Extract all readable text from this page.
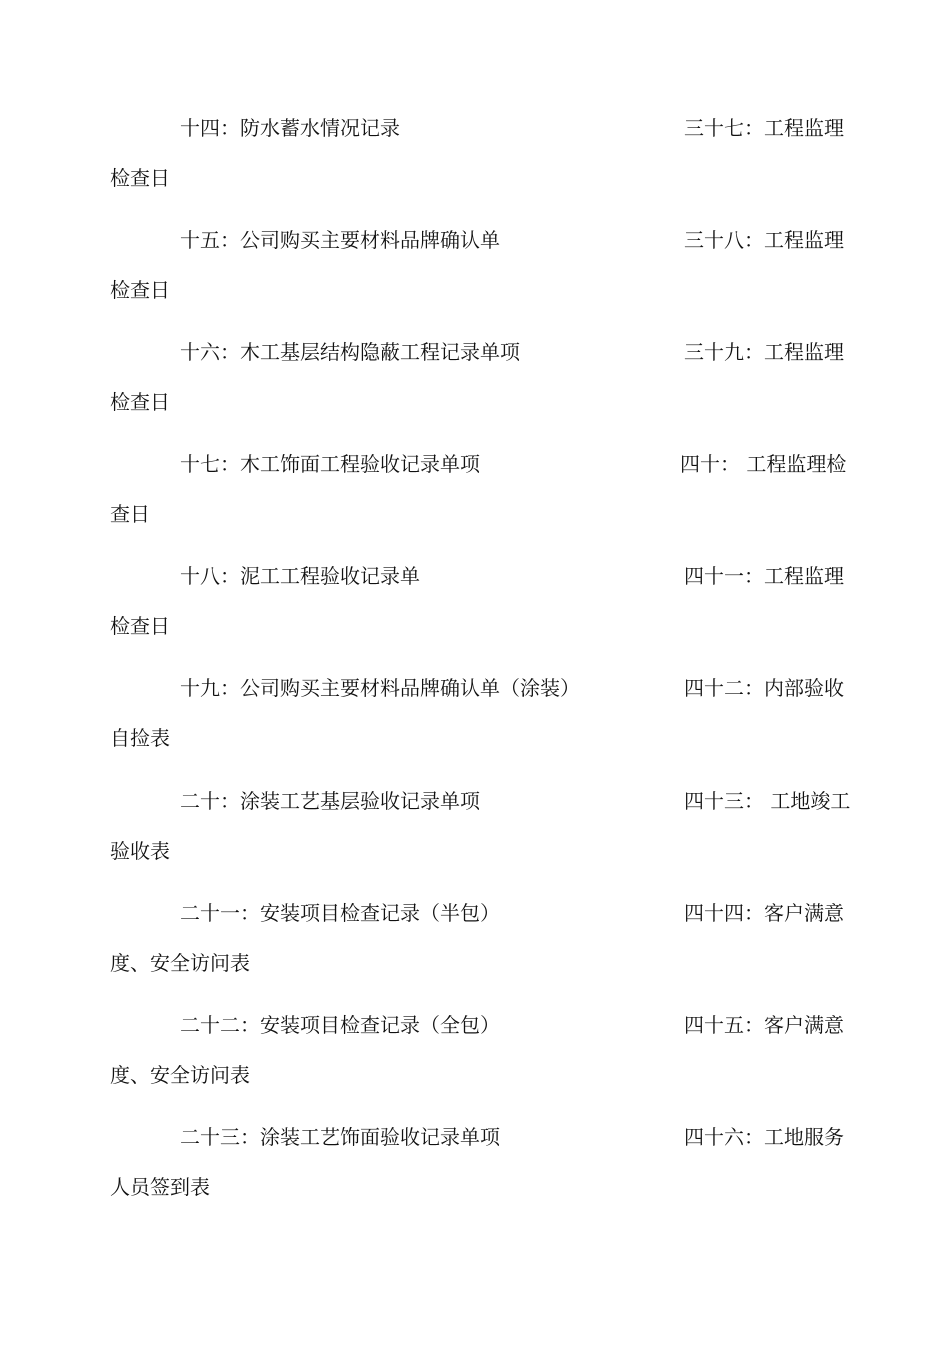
十四：防水蓄水情况记录	三十七：工程监理
检查日
十五：公司购买主要材料品牌确认单	三十八：工程监理
检查日
十六：木工基层结构隐蔽工程记录单项	三十九：工程监理
检查日
十七：木工饰面工程验收记录单项	四十： 工程监理检
查日
十八：泥工工程验收记录单	四十一：工程监理
检查日
十九：公司购买主要材料品牌确认单（涂装）	四十二：内部验收
自捡表
二十：涂装工艺基层验收记录单项	四十三： 工地竣工
验收表
二十一：安装项目检查记录（半包）	四十四：客户满意
度、安全访问表
二十二：安装项目检查记录（全包）	四十五：客户满意
度、安全访问表
二十三：涂装工艺饰面验收记录单项	四十六：工地服务
人员签到表
